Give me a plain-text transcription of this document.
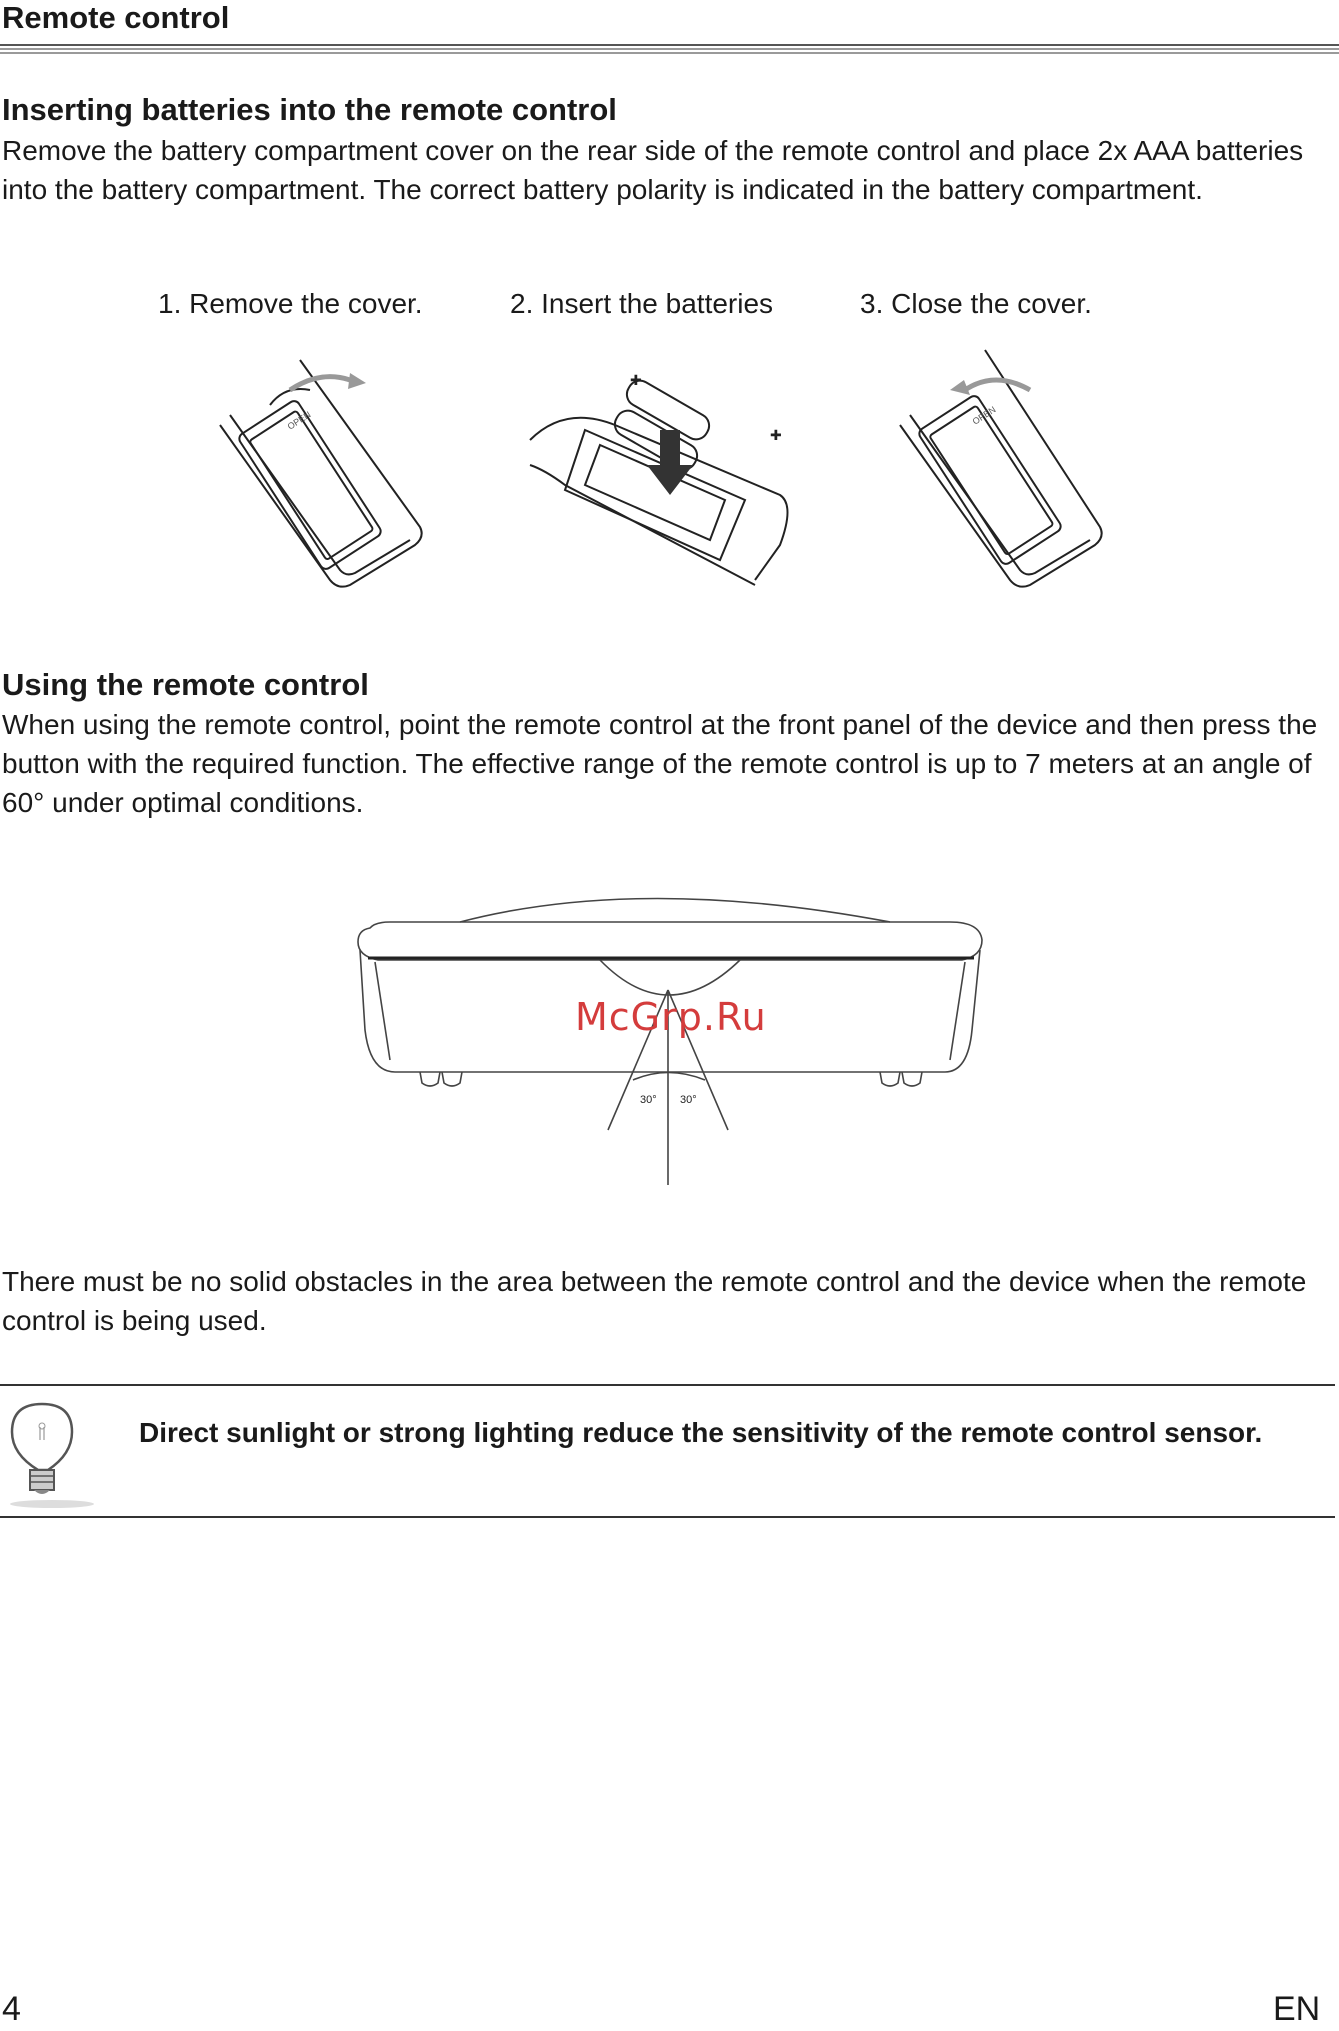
Remote control
Inserting batteries into the remote control
Remove the battery compartment cover on the rear side of the remote control and place 2x AAA batteries into the battery compartment. The correct battery polarity is indicated in the battery compartment.
1. Remove the cover.	2. Insert the batteries	3. Close the cover.
OPEN
✚
✚
OPEN
Using the remote control
When using the remote control, point the remote control at the front panel of the device and then press the button with the required function. The effective range of the remote control is up to 7 meters at an angle of 60° under optimal conditions.
30° 30°
McGrp.Ru
There must be no solid obstacles in the area between the remote control and the device when the remote control is being used.
Direct sunlight or strong lighting reduce the sensitivity of the remote control sensor.
4	EN
